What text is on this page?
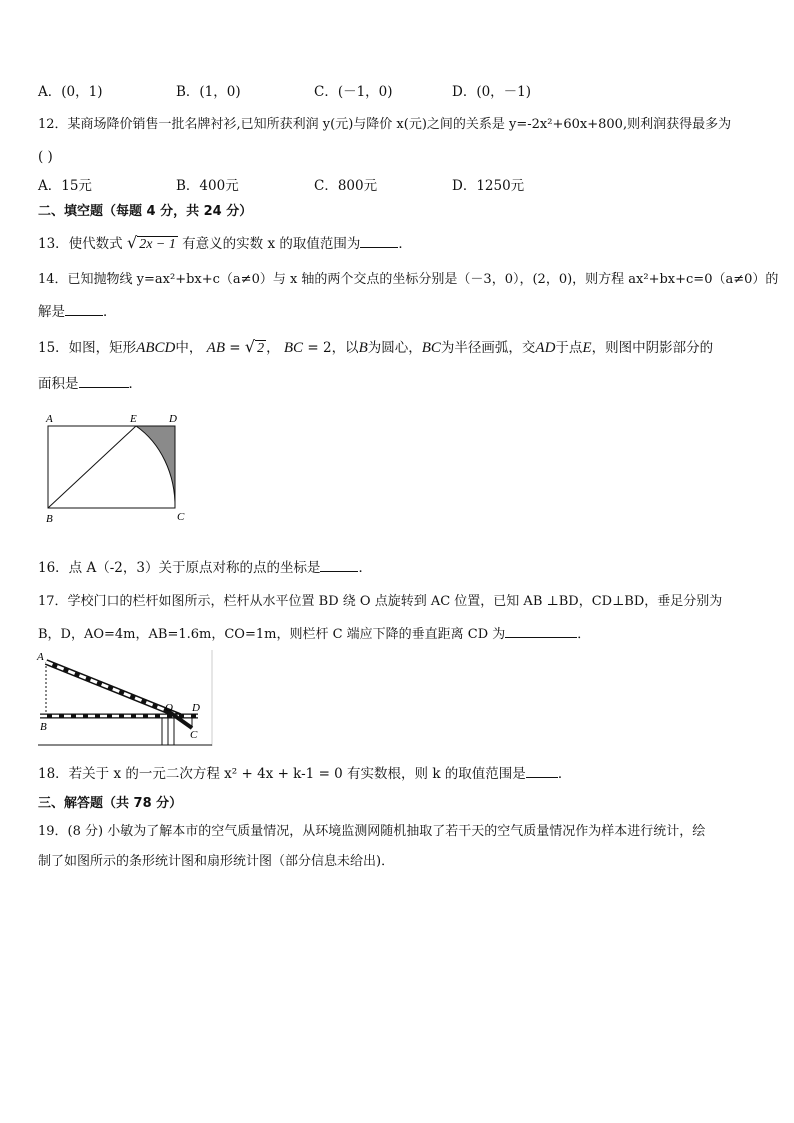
A．(0，1)	B．(1，0)	C．(－1，0)	D．(0，－1)
12．某商场降价销售一批名牌衬衫,已知所获利润 y(元)与降价 x(元)之间的关系是 y=-2x²+60x+800,则利润获得最多为
( )
A．15元	B．400元	C．800元	D．1250元
二、填空题（每题 4 分，共 24 分）
13．使代数式 √ 2x − 1 有意义的实数 x 的取值范围为	．
14．已知抛物线 y=ax²+bx+c（a≠0）与 x 轴的两个交点的坐标分别是（－3，0），(2，0)，则方程 ax²+bx+c=0（a≠0）的
解是	．
15．如图，矩形ABCD中， AB = √ 2 ， BC = 2，以B为圆心，BC为半径画弧，交AD于点E，则图中阴影部分的
面积是	．
A	E	D
B	C
16．点 A（-2，3）关于原点对称的点的坐标是	．
17．学校门口的栏杆如图所示，栏杆从水平位置 BD 绕 O 点旋转到 AC 位置，已知 AB ⊥BD，CD⊥BD，垂足分别为
B，D，AO=4m，AB=1.6m，CO=1m，则栏杆 C 端应下降的垂直距离 CD 为	．
A
B
O D
C
18．若关于 x 的一元二次方程 x² + 4x + k-1 = 0 有实数根，则 k 的取值范围是 ．
三、解答题（共 78 分）
19．(8 分) 小敏为了解本市的空气质量情况，从环境监测网随机抽取了若干天的空气质量情况作为样本进行统计，绘
制了如图所示的条形统计图和扇形统计图（部分信息未给出)．
